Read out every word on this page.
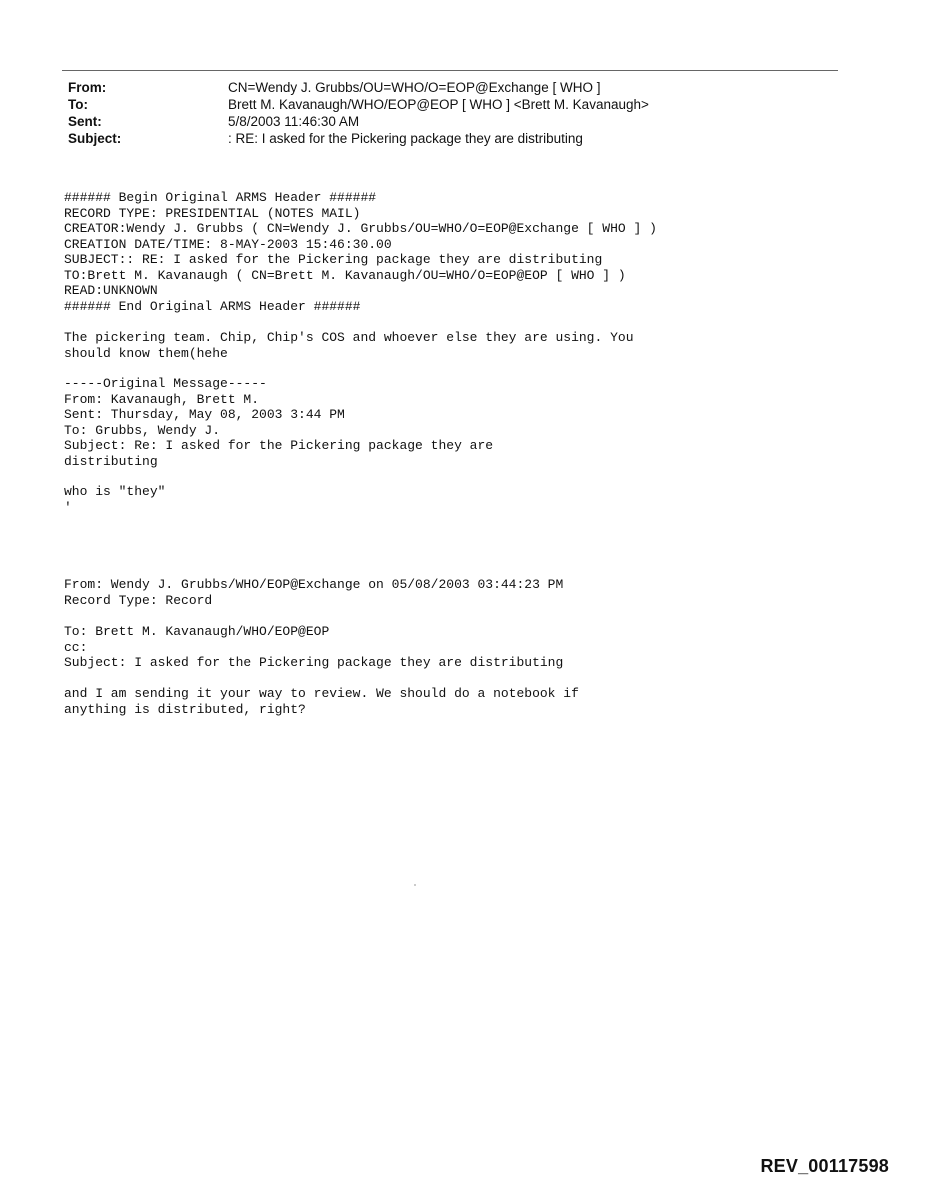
From:	CN=Wendy J. Grubbs/OU=WHO/O=EOP@Exchange [ WHO ]
To:	Brett M. Kavanaugh/WHO/EOP@EOP [ WHO ] <Brett M. Kavanaugh>
Sent:	5/8/2003 11:46:30 AM
Subject:	: RE: I asked for the Pickering package they are distributing
###### Begin Original ARMS Header ######
RECORD TYPE: PRESIDENTIAL (NOTES MAIL)
CREATOR:Wendy J. Grubbs ( CN=Wendy J. Grubbs/OU=WHO/O=EOP@Exchange [ WHO ] )
CREATION DATE/TIME: 8-MAY-2003 15:46:30.00
SUBJECT:: RE: I asked for the Pickering package they are distributing
TO:Brett M. Kavanaugh ( CN=Brett M. Kavanaugh/OU=WHO/O=EOP@EOP [ WHO ] )
READ:UNKNOWN
###### End Original ARMS Header ######
The pickering team. Chip, Chip's COS and whoever else they are using. You
should know them(hehe
-----Original Message-----
From: Kavanaugh, Brett M.
Sent: Thursday, May 08, 2003 3:44 PM
To: Grubbs, Wendy J.
Subject: Re: I asked for the Pickering package they are
distributing
who is "they"
'
From: Wendy J. Grubbs/WHO/EOP@Exchange on 05/08/2003 03:44:23 PM
Record Type: Record
To: Brett M. Kavanaugh/WHO/EOP@EOP
cc:
Subject: I asked for the Pickering package they are distributing
and I am sending it your way to review. We should do a notebook if
anything is distributed, right?
REV_00117598
